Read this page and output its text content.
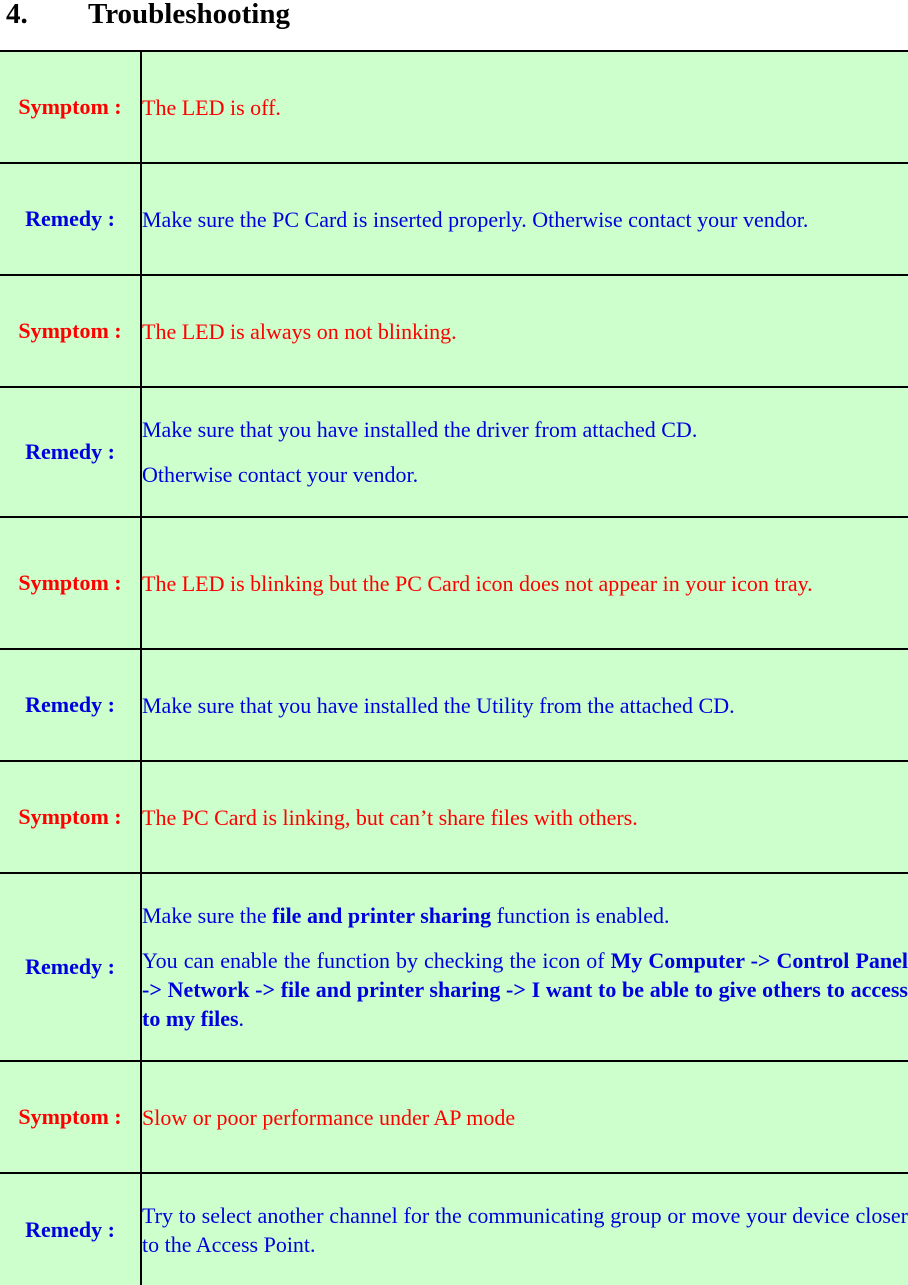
4. Troubleshooting
Symptom :	The LED is off.

Remedy :	Make sure the PC Card is inserted properly. Otherwise contact your vendor.

Symptom :	The LED is always on not blinking.

Remedy :	Make sure that you have installed the driver from attached CD.

Otherwise contact your vendor.

Symptom :	The LED is blinking but the PC Card icon does not appear in your icon tray.

Remedy :	Make sure that you have installed the Utility from the attached CD.

Symptom :	The PC Card is linking, but can’t share files with others.

Remedy :	Make sure the file and printer sharing function is enabled.

You can enable the function by checking the icon of My Computer -> Control Panel -> Network -> file and printer sharing -> I want to be able to give others to access to my files.

Symptom :	Slow or poor performance under AP mode

Remedy :	Try to select another channel for the communicating group or move your device closer to the Access Point.
